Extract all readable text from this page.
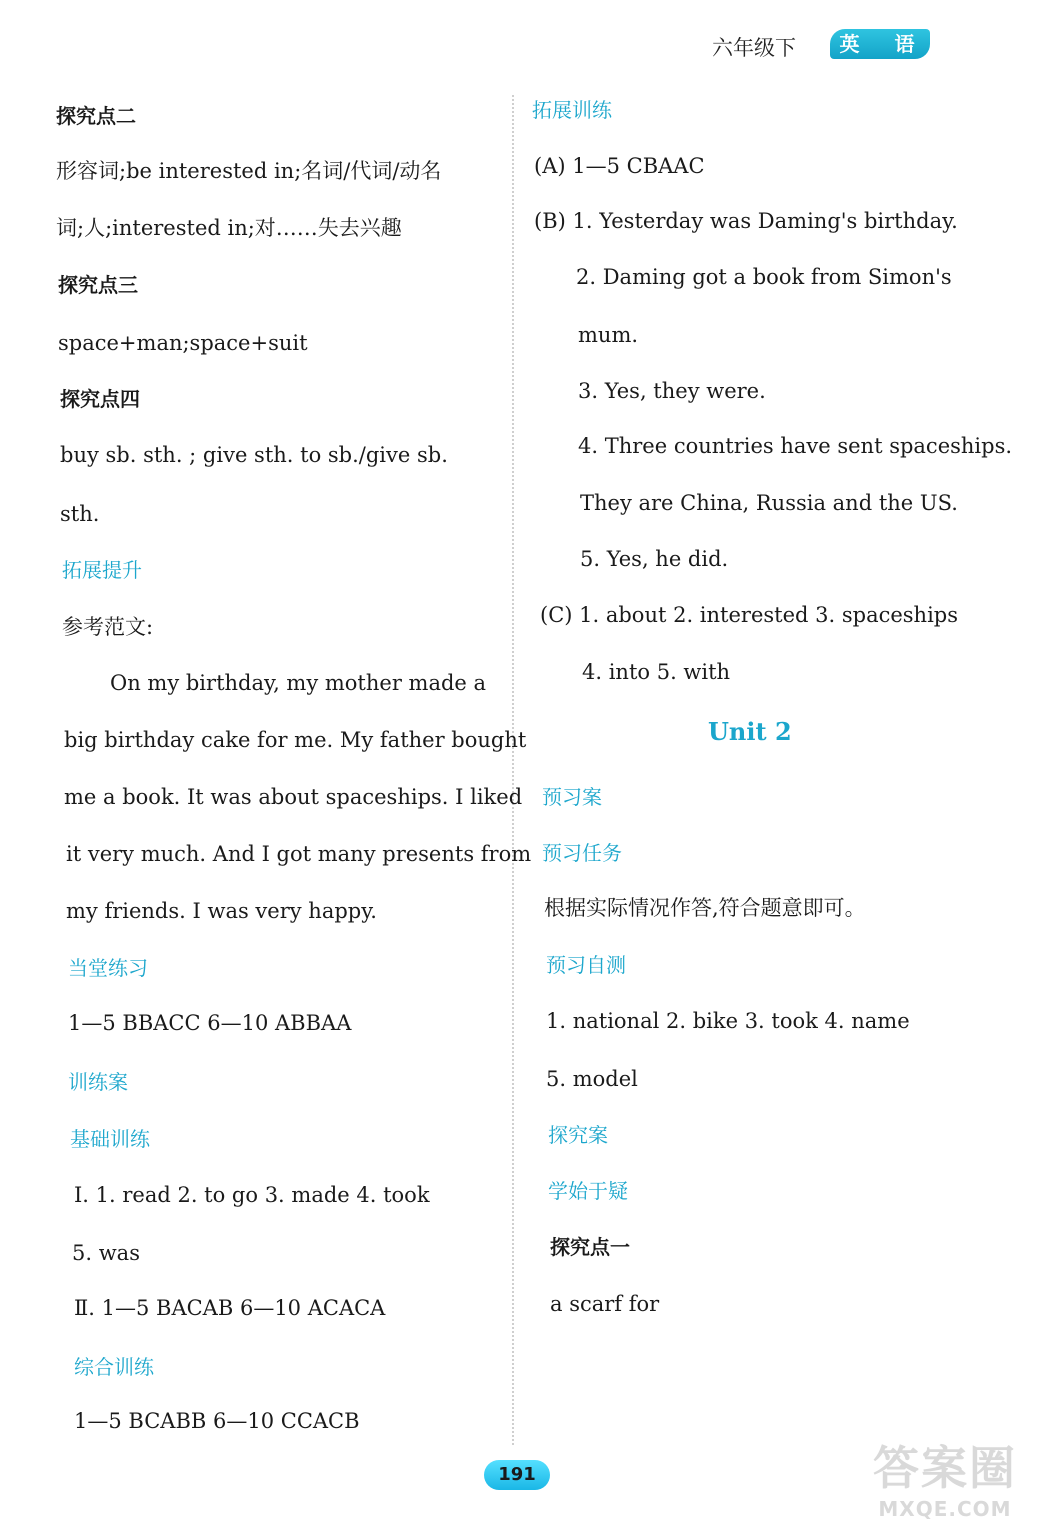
六年级下	英 语
探究点二
形容词;be interested in;名词/代词/动名
词;人;interested in;对……失去兴趣
探究点三
space+man;space+suit
探究点四
buy sb. sth. ; give sth. to sb./give sb.
sth.
拓展提升
参考范文:
On my birthday, my mother made a
big birthday cake for me. My father bought
me a book. It was about spaceships. I liked
it very much. And I got many presents from
my friends. I was very happy.
当堂练习
1—5 BBACC 6—10 ABBAA
训练案
基础训练
Ⅰ. 1. read 2. to go 3. made 4. took
5. was
Ⅱ. 1—5 BACAB 6—10 ACACA
综合训练
1—5 BCABB 6—10 CCACB
拓展训练
(A) 1—5 CBAAC
(B) 1. Yesterday was Daming's birthday.
2. Daming got a book from Simon's
mum.
3. Yes, they were.
4. Three countries have sent spaceships.
They are China, Russia and the US.
5. Yes, he did.
(C) 1. about 2. interested 3. spaceships
4. into 5. with
Unit 2
预习案
预习任务
根据实际情况作答,符合题意即可。
预习自测
1. national 2. bike 3. took 4. name
5. model
探究案
学始于疑
探究点一
a scarf for
191	答案圈
MXQE.COM
